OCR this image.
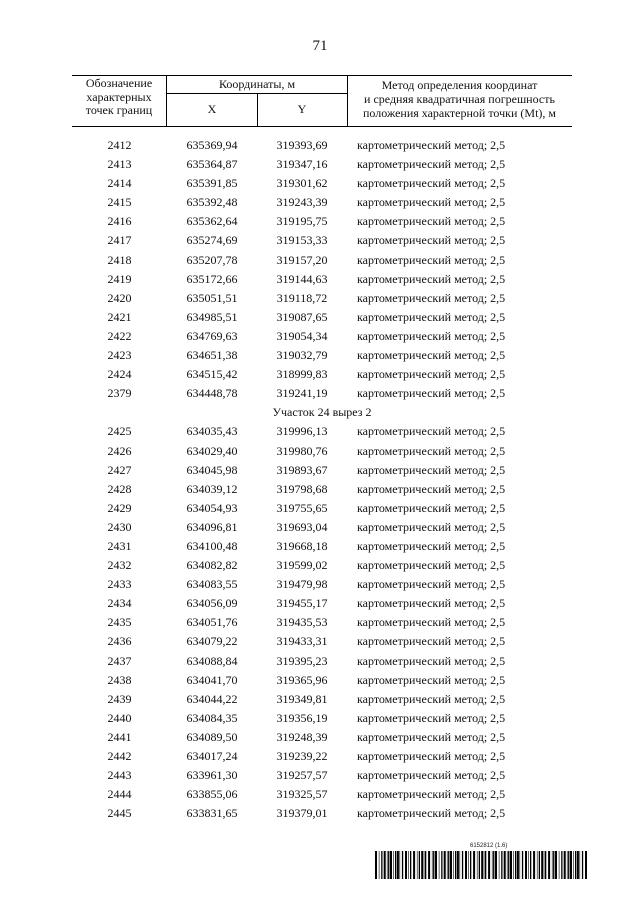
71
Обозначение
характерных
точек границ
Координаты, м
X	Y
Метод определения координат
и средняя квадратичная погрешность
положения характерной точки (Mt), м
2412	635369,94	319393,69	картометрический метод; 2,5
2413	635364,87	319347,16	картометрический метод; 2,5
2414	635391,85	319301,62	картометрический метод; 2,5
2415	635392,48	319243,39	картометрический метод; 2,5
2416	635362,64	319195,75	картометрический метод; 2,5
2417	635274,69	319153,33	картометрический метод; 2,5
2418	635207,78	319157,20	картометрический метод; 2,5
2419	635172,66	319144,63	картометрический метод; 2,5
2420	635051,51	319118,72	картометрический метод; 2,5
2421	634985,51	319087,65	картометрический метод; 2,5
2422	634769,63	319054,34	картометрический метод; 2,5
2423	634651,38	319032,79	картометрический метод; 2,5
2424	634515,42	318999,83	картометрический метод; 2,5
2379	634448,78	319241,19	картометрический метод; 2,5
Участок 24 вырез 2
2425	634035,43	319996,13	картометрический метод; 2,5
2426	634029,40	319980,76	картометрический метод; 2,5
2427	634045,98	319893,67	картометрический метод; 2,5
2428	634039,12	319798,68	картометрический метод; 2,5
2429	634054,93	319755,65	картометрический метод; 2,5
2430	634096,81	319693,04	картометрический метод; 2,5
2431	634100,48	319668,18	картометрический метод; 2,5
2432	634082,82	319599,02	картометрический метод; 2,5
2433	634083,55	319479,98	картометрический метод; 2,5
2434	634056,09	319455,17	картометрический метод; 2,5
2435	634051,76	319435,53	картометрический метод; 2,5
2436	634079,22	319433,31	картометрический метод; 2,5
2437	634088,84	319395,23	картометрический метод; 2,5
2438	634041,70	319365,96	картометрический метод; 2,5
2439	634044,22	319349,81	картометрический метод; 2,5
2440	634084,35	319356,19	картометрический метод; 2,5
2441	634089,50	319248,39	картометрический метод; 2,5
2442	634017,24	319239,22	картометрический метод; 2,5
2443	633961,30	319257,57	картометрический метод; 2,5
2444	633855,06	319325,57	картометрический метод; 2,5
2445	633831,65	319379,01	картометрический метод; 2,5
6152812 (1.6)
